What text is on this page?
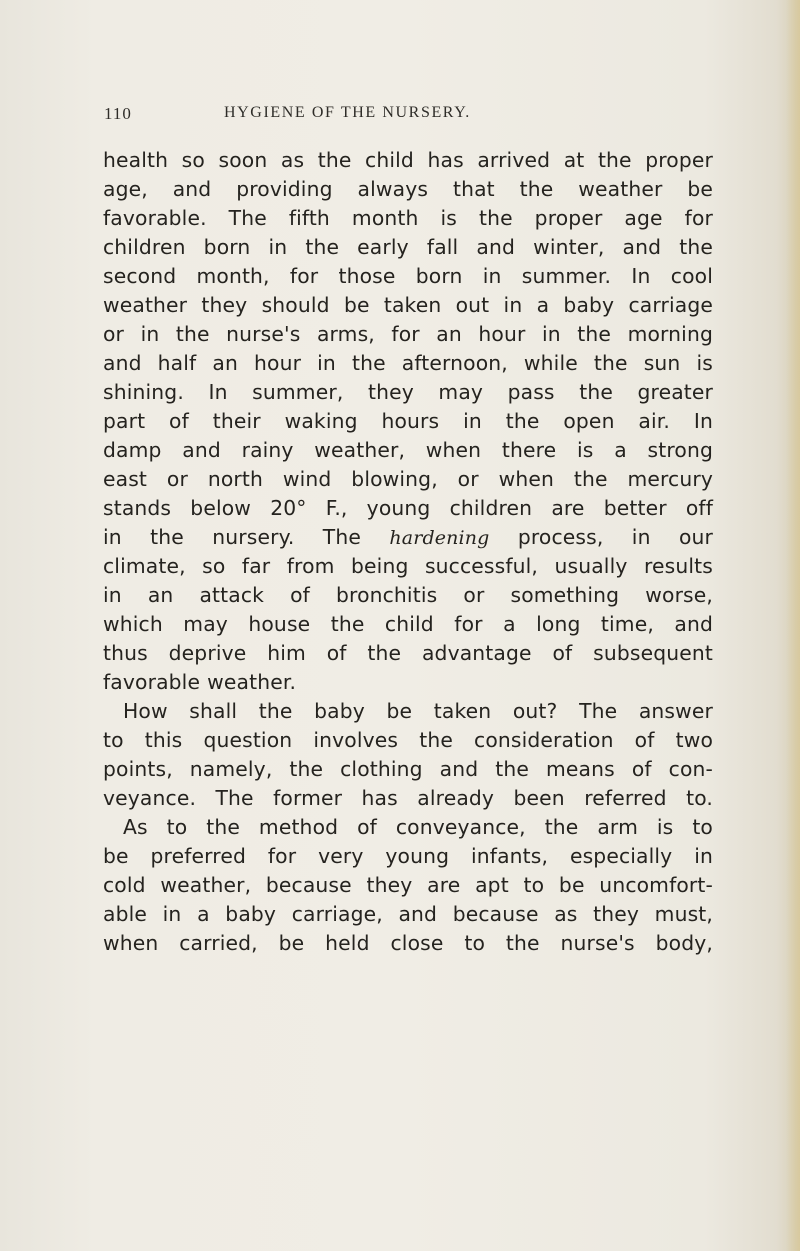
110	HYGIENE OF THE NURSERY.
health so soon as the child has arrived at the proper
age, and providing always that the weather be
favorable. The fifth month is the proper age for
children born in the early fall and winter, and the
second month, for those born in summer. In cool
weather they should be taken out in a baby carriage
or in the nurse's arms, for an hour in the morning
and half an hour in the afternoon, while the sun is
shining. In summer, they may pass the greater
part of their waking hours in the open air. In
damp and rainy weather, when there is a strong
east or north wind blowing, or when the mercury
stands below 20° F., young children are better off
in the nursery. The hardening process, in our
climate, so far from being successful, usually results
in an attack of bronchitis or something worse,
which may house the child for a long time, and
thus deprive him of the advantage of subsequent
favorable weather.
How shall the baby be taken out? The answer
to this question involves the consideration of two
points, namely, the clothing and the means of con-
veyance. The former has already been referred to.
As to the method of conveyance, the arm is to
be preferred for very young infants, especially in
cold weather, because they are apt to be uncomfort-
able in a baby carriage, and because as they must,
when carried, be held close to the nurse's body,
